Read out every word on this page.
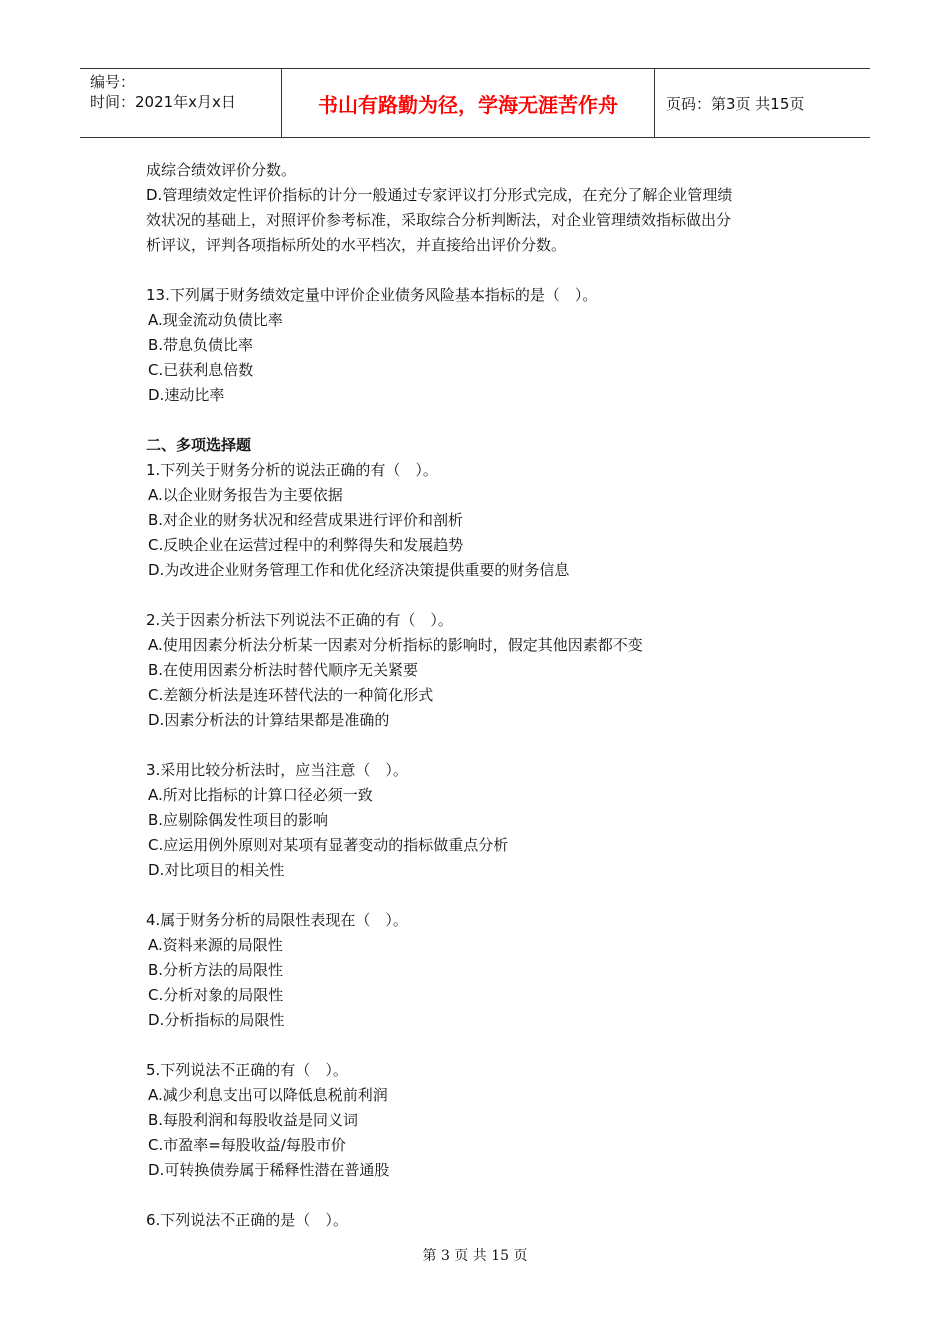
编号：
时间：2021年x月x日	书山有路勤为径，学海无涯苦作舟	页码：第3页 共15页
成综合绩效评价分数。
D.管理绩效定性评价指标的计分一般通过专家评议打分形式完成，在充分了解企业管理绩
效状况的基础上，对照评价参考标准，采取综合分析判断法，对企业管理绩效指标做出分
析评议，评判各项指标所处的水平档次，并直接给出评价分数。
13.下列属于财务绩效定量中评价企业债务风险基本指标的是（　）。
A.现金流动负债比率
B.带息负债比率
C.已获利息倍数
D.速动比率
二、多项选择题
1.下列关于财务分析的说法正确的有（　）。
A.以企业财务报告为主要依据
B.对企业的财务状况和经营成果进行评价和剖析
C.反映企业在运营过程中的利弊得失和发展趋势
D.为改进企业财务管理工作和优化经济决策提供重要的财务信息
2.关于因素分析法下列说法不正确的有（　）。
A.使用因素分析法分析某一因素对分析指标的影响时，假定其他因素都不变
B.在使用因素分析法时替代顺序无关紧要
C.差额分析法是连环替代法的一种简化形式
D.因素分析法的计算结果都是准确的
3.采用比较分析法时，应当注意（　）。
A.所对比指标的计算口径必须一致
B.应剔除偶发性项目的影响
C.应运用例外原则对某项有显著变动的指标做重点分析
D.对比项目的相关性
4.属于财务分析的局限性表现在（　）。
A.资料来源的局限性
B.分析方法的局限性
C.分析对象的局限性
D.分析指标的局限性
5.下列说法不正确的有（　）。
A.减少利息支出可以降低息税前利润
B.每股利润和每股收益是同义词
C.市盈率=每股收益/每股市价
D.可转换债券属于稀释性潜在普通股
6.下列说法不正确的是（　）。
第 3 页 共 15 页
